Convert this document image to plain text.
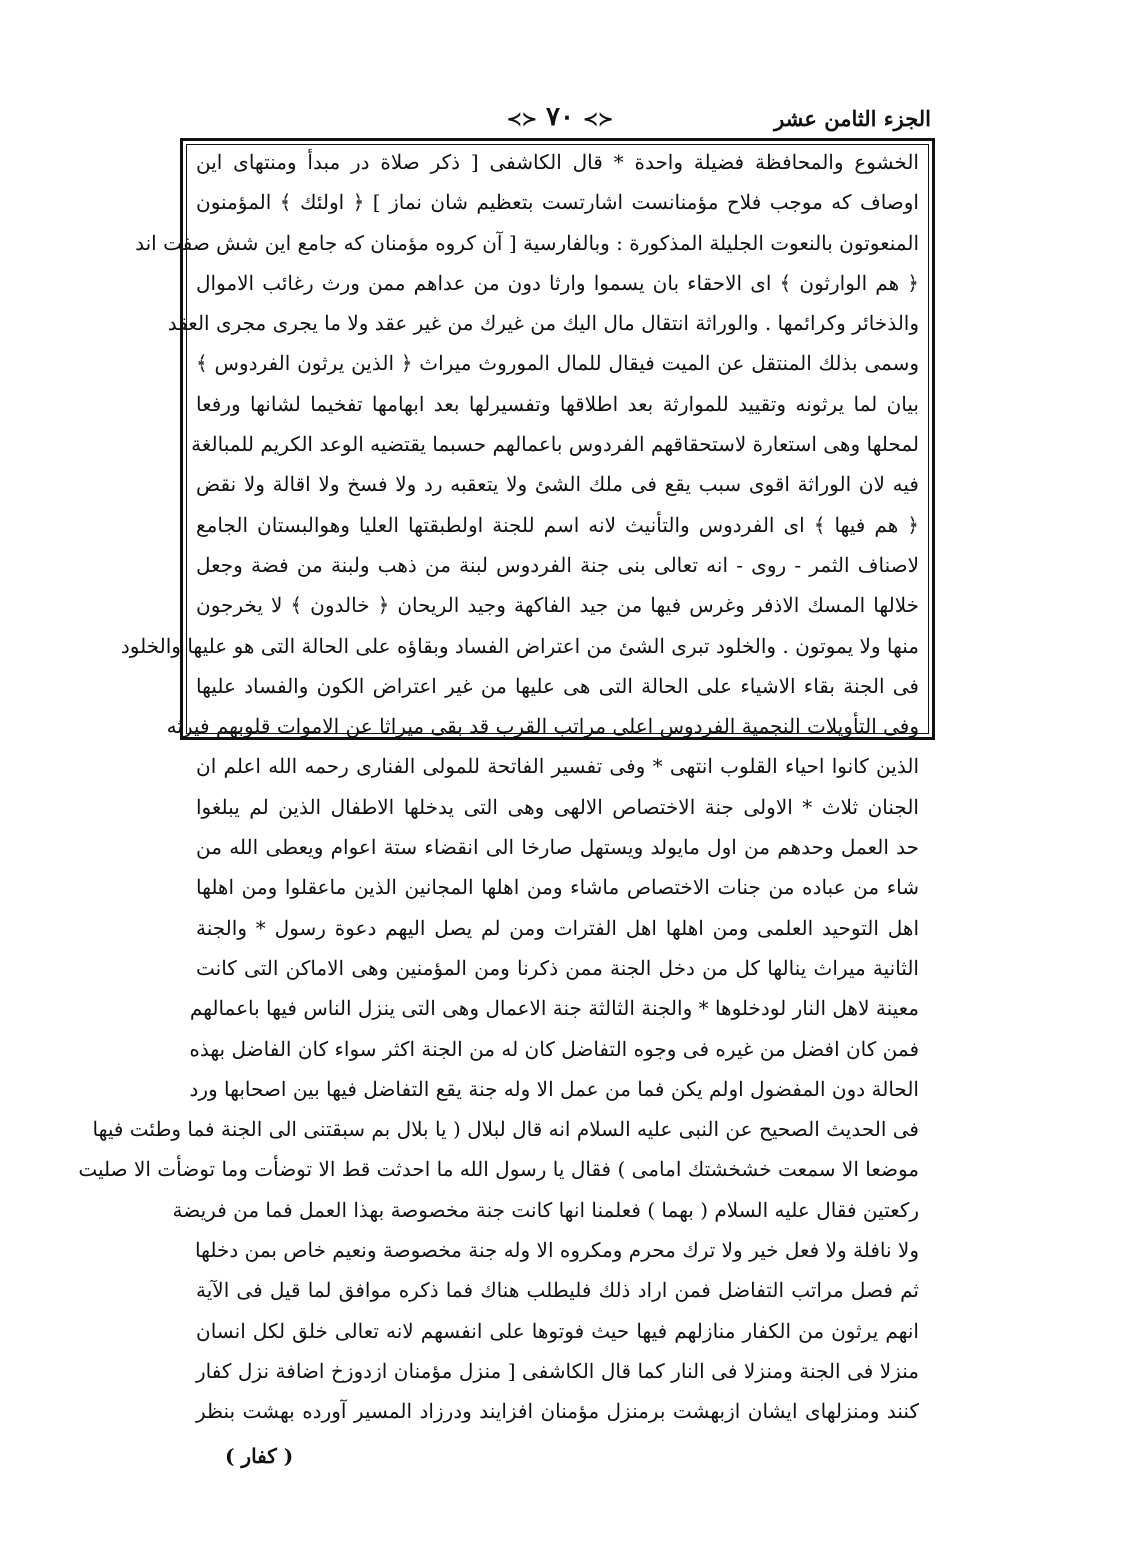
الجزء الثامن عشر
≺≻ ٧٠ ≺≻
الخشوع والمحافظة فضيلة واحدة * قال الكاشفى [ ذكر صلاة در مبدأ ومنتهاى اين
اوصاف كه موجب فلاح مؤمنانست اشارتست بتعظيم شان نماز ] ﴿ اولئك ﴾ المؤمنون
المنعوتون بالنعوت الجليلة المذكورة : وبالفارسية [ آن كروه مؤمنان كه جامع اين شش صفت اند
﴿ هم الوارثون ﴾ اى الاحقاء بان يسموا وارثا دون من عداهم ممن ورث رغائب الاموال
والذخائر وكرائمها . والوراثة انتقال مال اليك من غيرك من غير عقد ولا ما يجرى مجرى العقد
وسمى بذلك المنتقل عن الميت فيقال للمال الموروث ميراث ﴿ الذين يرثون الفردوس ﴾
بيان لما يرثونه وتقييد للموارثة بعد اطلاقها وتفسيرلها بعد ابهامها تفخيما لشانها ورفعا
لمحلها وهى استعارة لاستحقاقهم الفردوس باعمالهم حسبما يقتضيه الوعد الكريم للمبالغة
فيه لان الوراثة اقوى سبب يقع فى ملك الشئ ولا يتعقبه رد ولا فسخ ولا اقالة ولا نقض
﴿ هم فيها ﴾ اى الفردوس والتأنيث لانه اسم للجنة اولطبقتها العليا وهوالبستان الجامع
لاصناف الثمر - روى - انه تعالى بنى جنة الفردوس لبنة من ذهب ولبنة من فضة وجعل
خلالها المسك الاذفر وغرس فيها من جيد الفاكهة وجيد الريحان ﴿ خالدون ﴾ لا يخرجون
منها ولا يموتون . والخلود تبرى الشئ من اعتراض الفساد وبقاؤه على الحالة التى هو عليها والخلود
فى الجنة بقاء الاشياء على الحالة التى هى عليها من غير اعتراض الكون والفساد عليها
وفى التأويلات النجمية الفردوس اعلى مراتب القرب قد بقى ميراثا عن الاموات قلوبهم فيرثه
الذين كانوا احياء القلوب انتهى * وفى تفسير الفاتحة للمولى الفنارى رحمه الله اعلم ان
الجنان ثلاث * الاولى جنة الاختصاص الالهى وهى التى يدخلها الاطفال الذين لم يبلغوا
حد العمل وحدهم من اول مايولد ويستهل صارخا الى انقضاء ستة اعوام ويعطى الله من
شاء من عباده من جنات الاختصاص ماشاء ومن اهلها المجانين الذين ماعقلوا ومن اهلها
اهل التوحيد العلمى ومن اهلها اهل الفترات ومن لم يصل اليهم دعوة رسول * والجنة
الثانية ميراث ينالها كل من دخل الجنة ممن ذكرنا ومن المؤمنين وهى الاماكن التى كانت
معينة لاهل النار لودخلوها * والجنة الثالثة جنة الاعمال وهى التى ينزل الناس فيها باعمالهم
فمن كان افضل من غيره فى وجوه التفاضل كان له من الجنة اكثر سواء كان الفاضل بهذه
الحالة دون المفضول اولم يكن فما من عمل الا وله جنة يقع التفاضل فيها بين اصحابها ورد
فى الحديث الصحيح عن النبى عليه السلام انه قال لبلال ( يا بلال بم سبقتنى الى الجنة فما وطئت فيها
موضعا الا سمعت خشخشتك امامى ) فقال يا رسول الله ما احدثت قط الا توضأت وما توضأت الا صليت
ركعتين فقال عليه السلام ( بهما ) فعلمنا انها كانت جنة مخصوصة بهذا العمل فما من فريضة
ولا نافلة ولا فعل خير ولا ترك محرم ومكروه الا وله جنة مخصوصة ونعيم خاص بمن دخلها
ثم فصل مراتب التفاضل فمن اراد ذلك فليطلب هناك فما ذكره موافق لما قيل فى الآية
انهم يرثون من الكفار منازلهم فيها حيث فوتوها على انفسهم لانه تعالى خلق لكل انسان
منزلا فى الجنة ومنزلا فى النار كما قال الكاشفى [ منزل مؤمنان ازدوزخ اضافة نزل كفار
كنند ومنزلهاى ايشان ازبهشت برمنزل مؤمنان افزايند ودرزاد المسير آورده بهشت بنظر
( كفار )
